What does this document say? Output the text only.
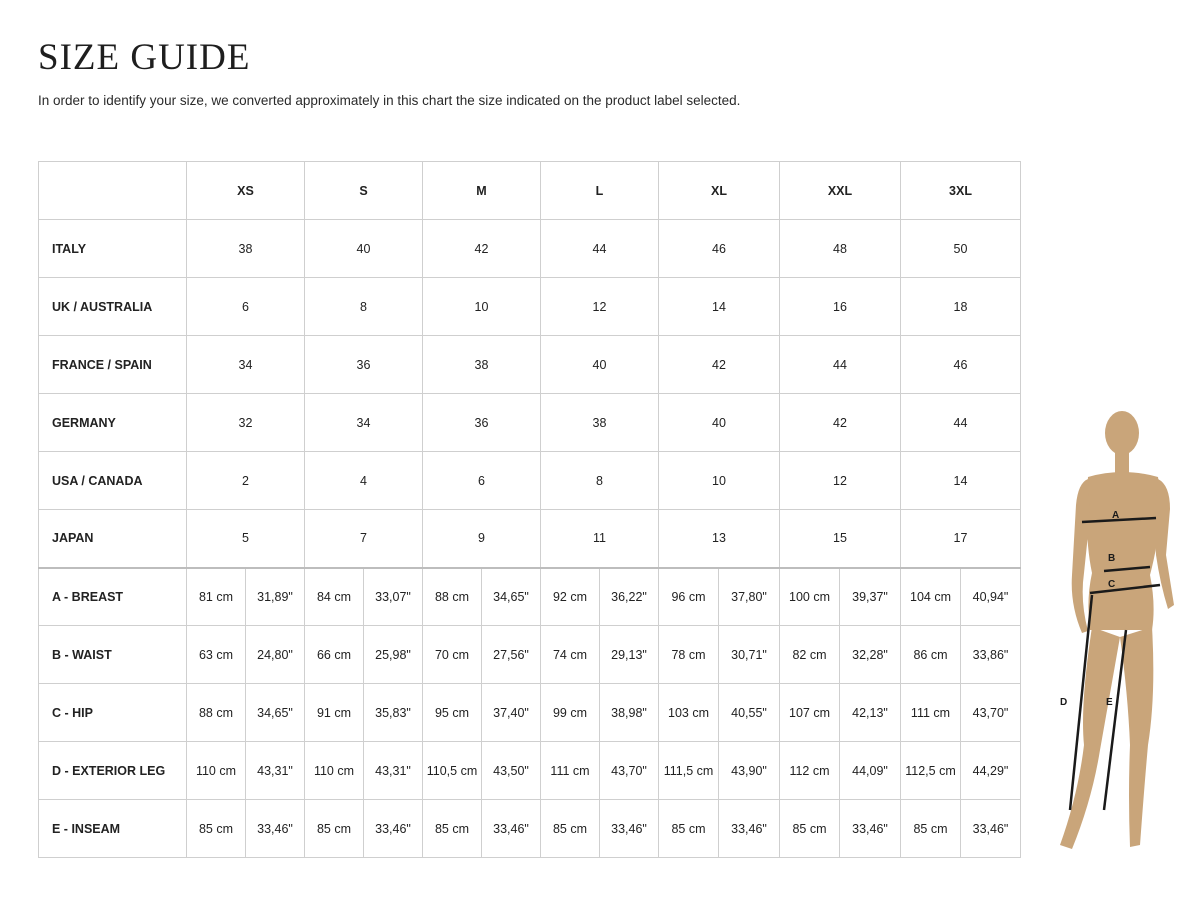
SIZE GUIDE

In order to identify your size, we converted approximately in this chart the size indicated on the product label selected.

	XS		S		M		L		XL		XXL		3XL	
ITALY	38		40		42		44		46		48		50	
UK / AUSTRALIA	6		8		10		12		14		16		18	
FRANCE / SPAIN	34		36		38		40		42		44		46	
GERMANY	32		34		36		38		40		42		44	
USA / CANADA	2		4		6		8		10		12		14	
JAPAN	5		7		9		11		13		15		17	
A - BREAST	81 cm	31,89"	84 cm	33,07"	88 cm	34,65"	92 cm	36,22"	96 cm	37,80"	100 cm	39,37"	104 cm	40,94"
B - WAIST	63 cm	24,80"	66 cm	25,98"	70 cm	27,56"	74 cm	29,13"	78 cm	30,71"	82 cm	32,28"	86 cm	33,86"
C - HIP	88 cm	34,65"	91 cm	35,83"	95 cm	37,40"	99 cm	38,98"	103 cm	40,55"	107 cm	42,13"	111 cm	43,70"
D - EXTERIOR LEG	110 cm	43,31"	110 cm	43,31"	110,5 cm	43,50"	111 cm	43,70"	111,5 cm	43,90"	112 cm	44,09"	112,5 cm	44,29"
E - INSEAM	85 cm	33,46"	85 cm	33,46"	85 cm	33,46"	85 cm	33,46"	85 cm	33,46"	85 cm	33,46"	85 cm	33,46"
A
B
C
D	E
